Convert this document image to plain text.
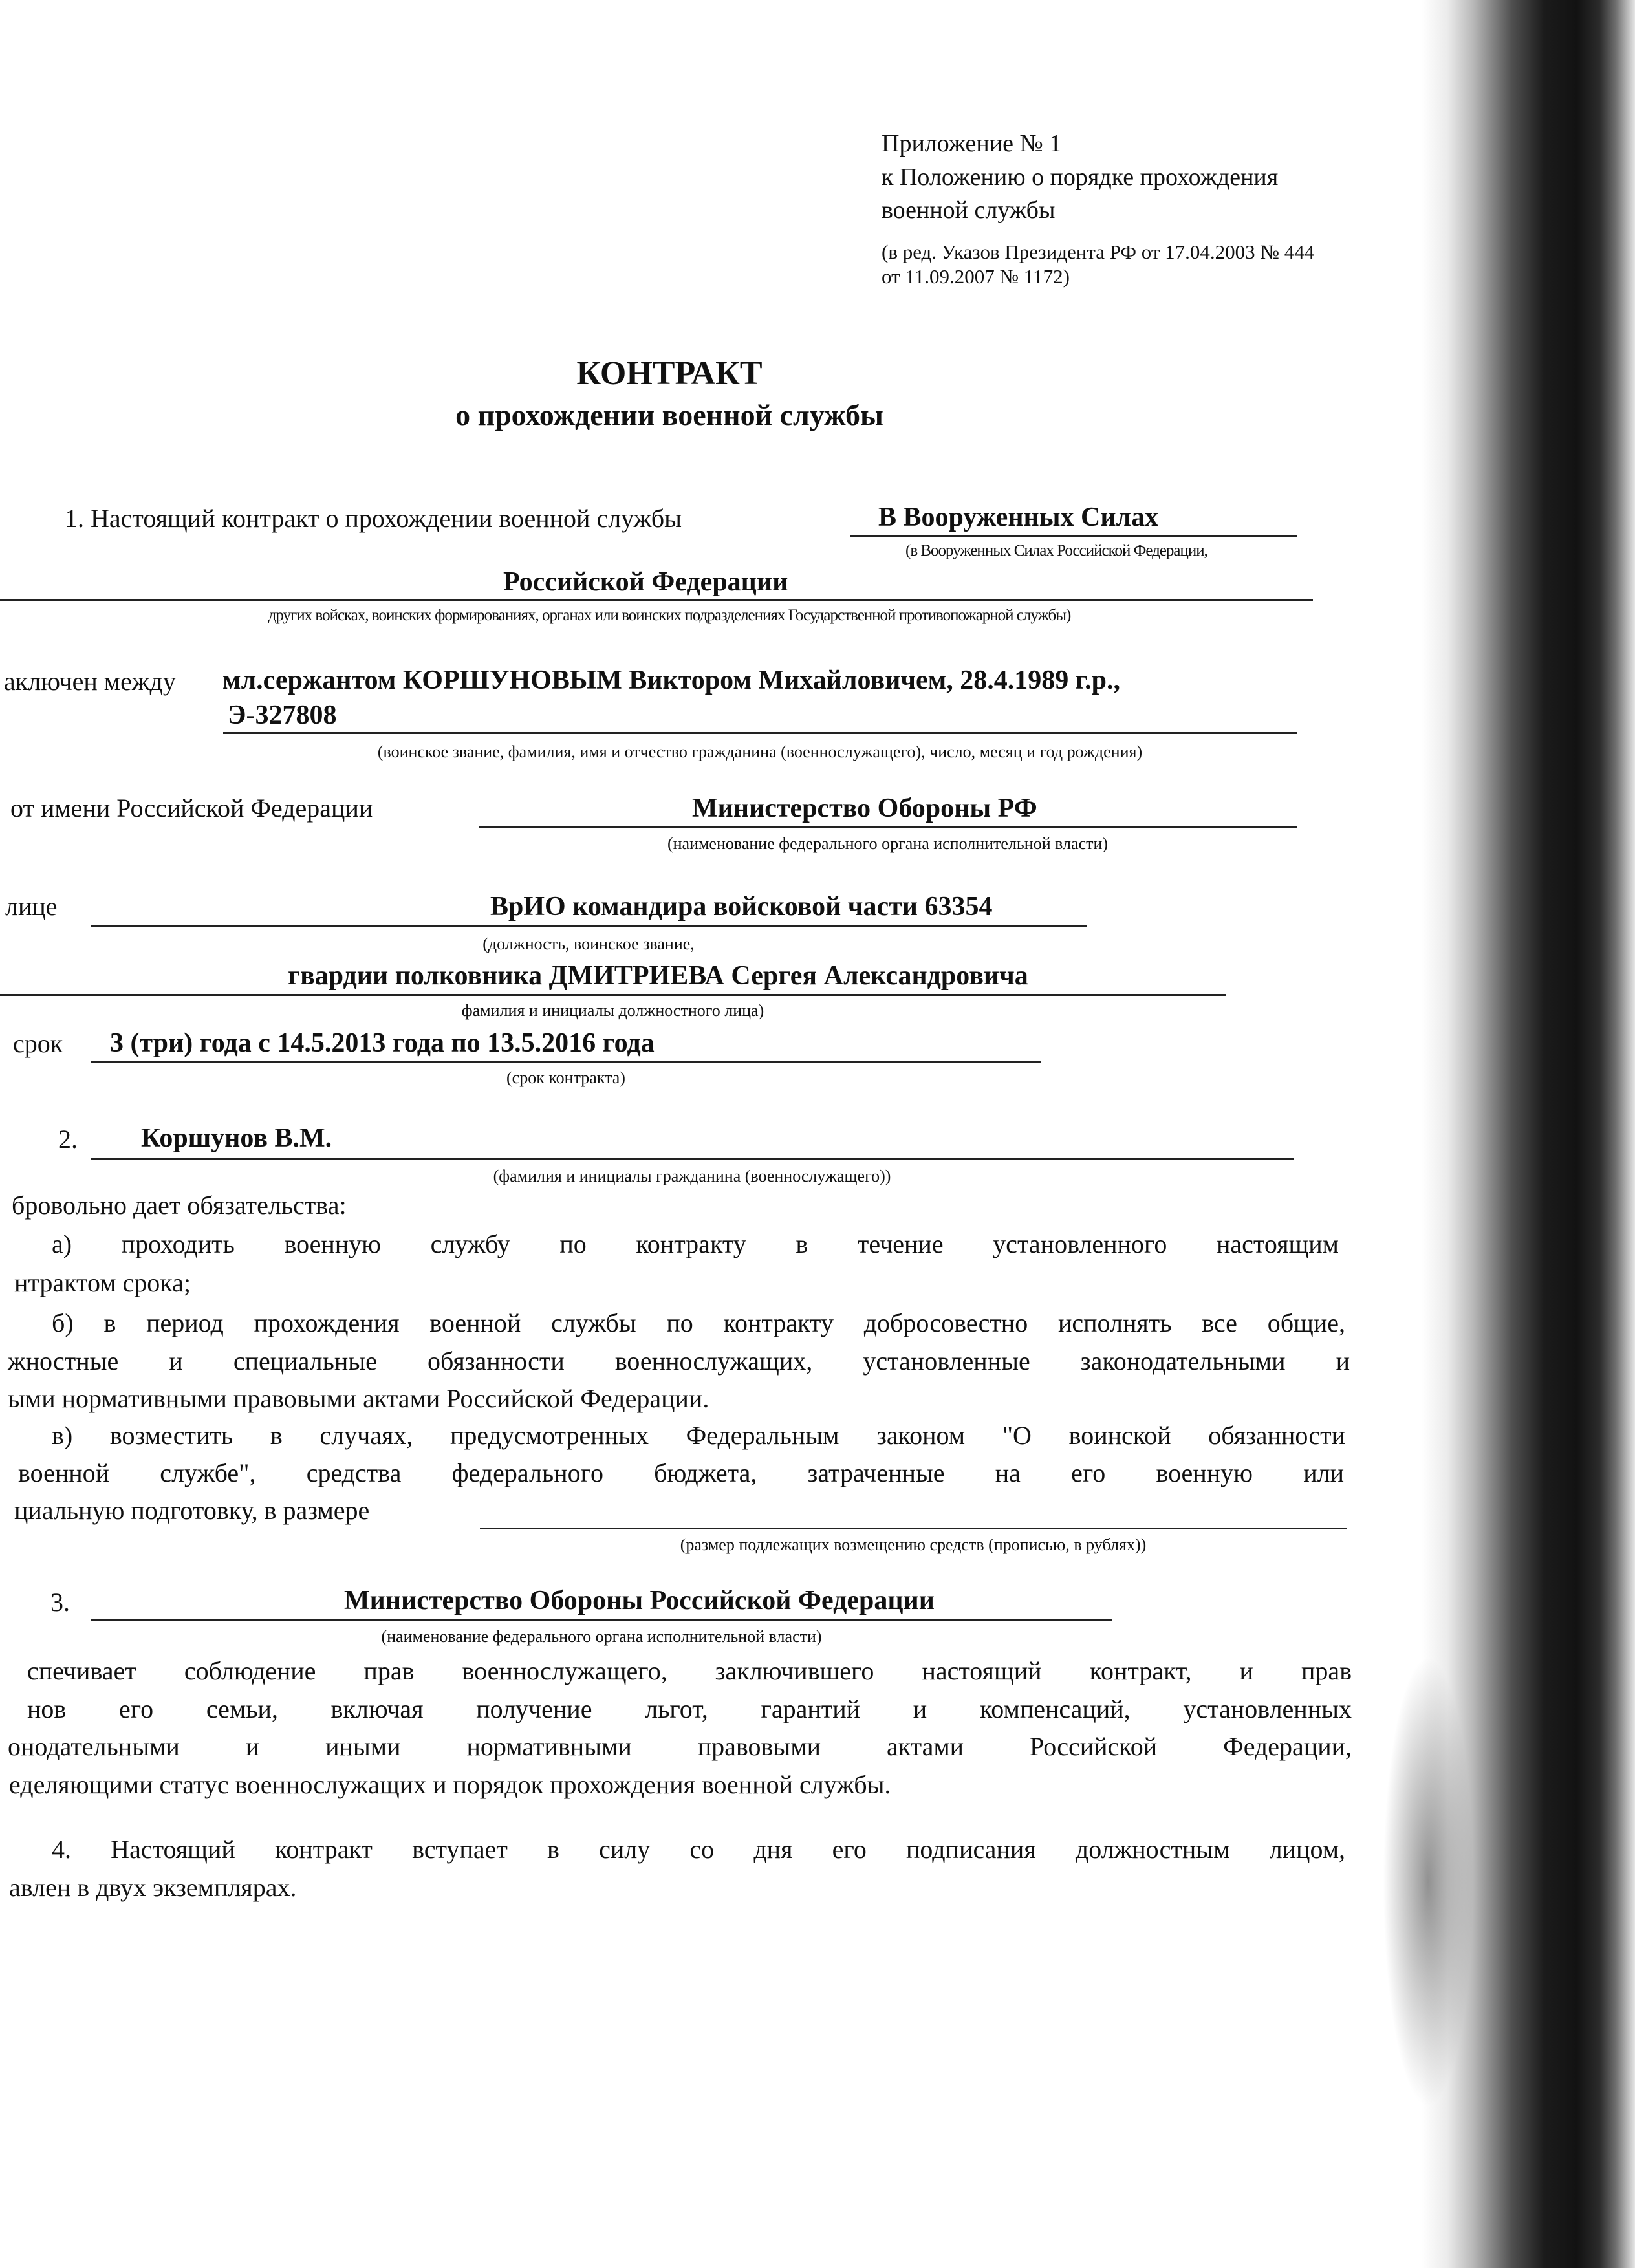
Приложение № 1
к Положению о порядке прохождения
военной службы
(в ред. Указов Президента РФ от 17.04.2003 № 444
от 11.09.2007 № 1172)
КОНТРАКТ
о прохождении военной службы
1. Настоящий контракт о прохождении военной службы	В Вооруженных Силах
(в Вооруженных Силах Российской Федерации,
Российской Федерации
других войсках, воинских формированиях, органах или воинских подразделениях Государственной противопожарной службы)
аключен между мл.сержантом КОРШУНОВЫМ Виктором Михайловичем, 28.4.1989 г.р.,
Э-327808
(воинское звание, фамилия, имя и отчество гражданина (военнослужащего), число, месяц и год рождения)
от имени Российской Федерации	Министерство Обороны РФ
(наименование федерального органа исполнительной власти)
лице	ВрИО командира войсковой части 63354
(должность, воинское звание,
гвардии полковника ДМИТРИЕВА Сергея Александровича
фамилия и инициалы должностного лица)
срок 3 (три) года с 14.5.2013 года по 13.5.2016 года
(срок контракта)
2. Коршунов В.М.
(фамилия и инициалы гражданина (военнослужащего))
бровольно дает обязательства:
а) проходить военную службу по контракту в течение установленного настоящим
нтрактом срока;
б) в период прохождения военной службы по контракту добросовестно исполнять все общие,
жностные и специальные обязанности военнослужащих, установленные законодательными и
ыми нормативными правовыми актами Российской Федерации.
в) возместить в случаях, предусмотренных Федеральным законом "О воинской обязанности
военной службе", средства федерального бюджета, затраченные на его военную или
циальную подготовку, в размере
(размер подлежащих возмещению средств (прописью, в рублях))
3.	Министерство Обороны Российской Федерации
(наименование федерального органа исполнительной власти)
спечивает соблюдение прав военнослужащего, заключившего настоящий контракт, и прав
нов его семьи, включая получение льгот, гарантий и компенсаций, установленных
онодательными и иными нормативными правовыми актами Российской Федерации,
еделяющими статус военнослужащих и порядок прохождения военной службы.
4. Настоящий контракт вступает в силу со дня его подписания должностным лицом,
авлен в двух экземплярах.
